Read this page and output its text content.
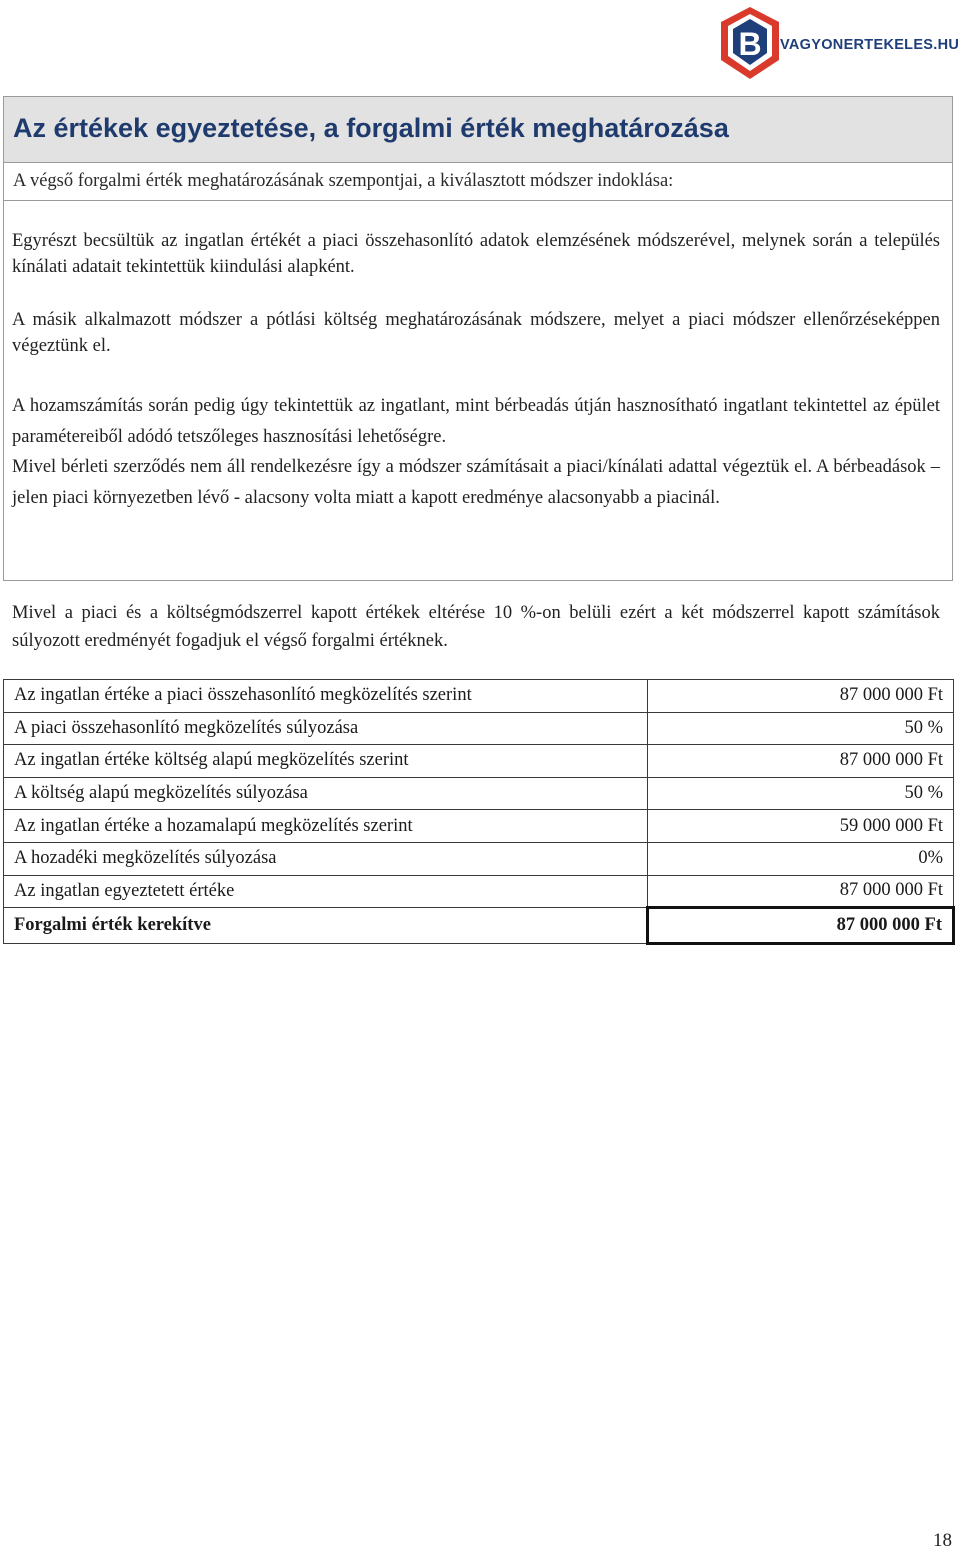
B VAGYONERTEKELES.HU
Az értékek egyeztetése, a forgalmi érték meghatározása

A végső forgalmi érték meghatározásának szempontjai, a kiválasztott módszer indoklása:

Egyrészt becsültük az ingatlan értékét a piaci összehasonlító adatok elemzésének módszerével, melynek során a település kínálati adatait tekintettük kiindulási alapként.

A másik alkalmazott módszer a pótlási költség meghatározásának módszere, melyet a piaci módszer ellenőrzéseképpen végeztünk el.

A hozamszámítás során pedig úgy tekintettük az ingatlant, mint bérbeadás útján hasznosítható ingatlant tekintettel az épület paramétereiből adódó tetszőleges hasznosítási lehetőségre.
Mivel bérleti szerződés nem áll rendelkezésre így a módszer számításait a piaci/kínálati adattal végeztük el. A bérbeadások – jelen piaci környezetben lévő - alacsony volta miatt a kapott eredménye alacsonyabb a piacinál.

Mivel a piaci és a költségmódszerrel kapott értékek eltérése 10 %-on belüli ezért a két módszerrel kapott számítások súlyozott eredményét fogadjuk el végső forgalmi értéknek.

Az ingatlan értéke a piaci összehasonlító megközelítés szerint	87 000 000 Ft
A piaci összehasonlító megközelítés súlyozása	50 %
Az ingatlan értéke költség alapú megközelítés szerint	87 000 000 Ft
A költség alapú megközelítés súlyozása	50 %
Az ingatlan értéke a hozamalapú megközelítés szerint	59 000 000 Ft
A hozadéki megközelítés súlyozása	0%
Az ingatlan egyeztetett értéke	87 000 000 Ft
Forgalmi érték kerekítve	87 000 000 Ft
18
